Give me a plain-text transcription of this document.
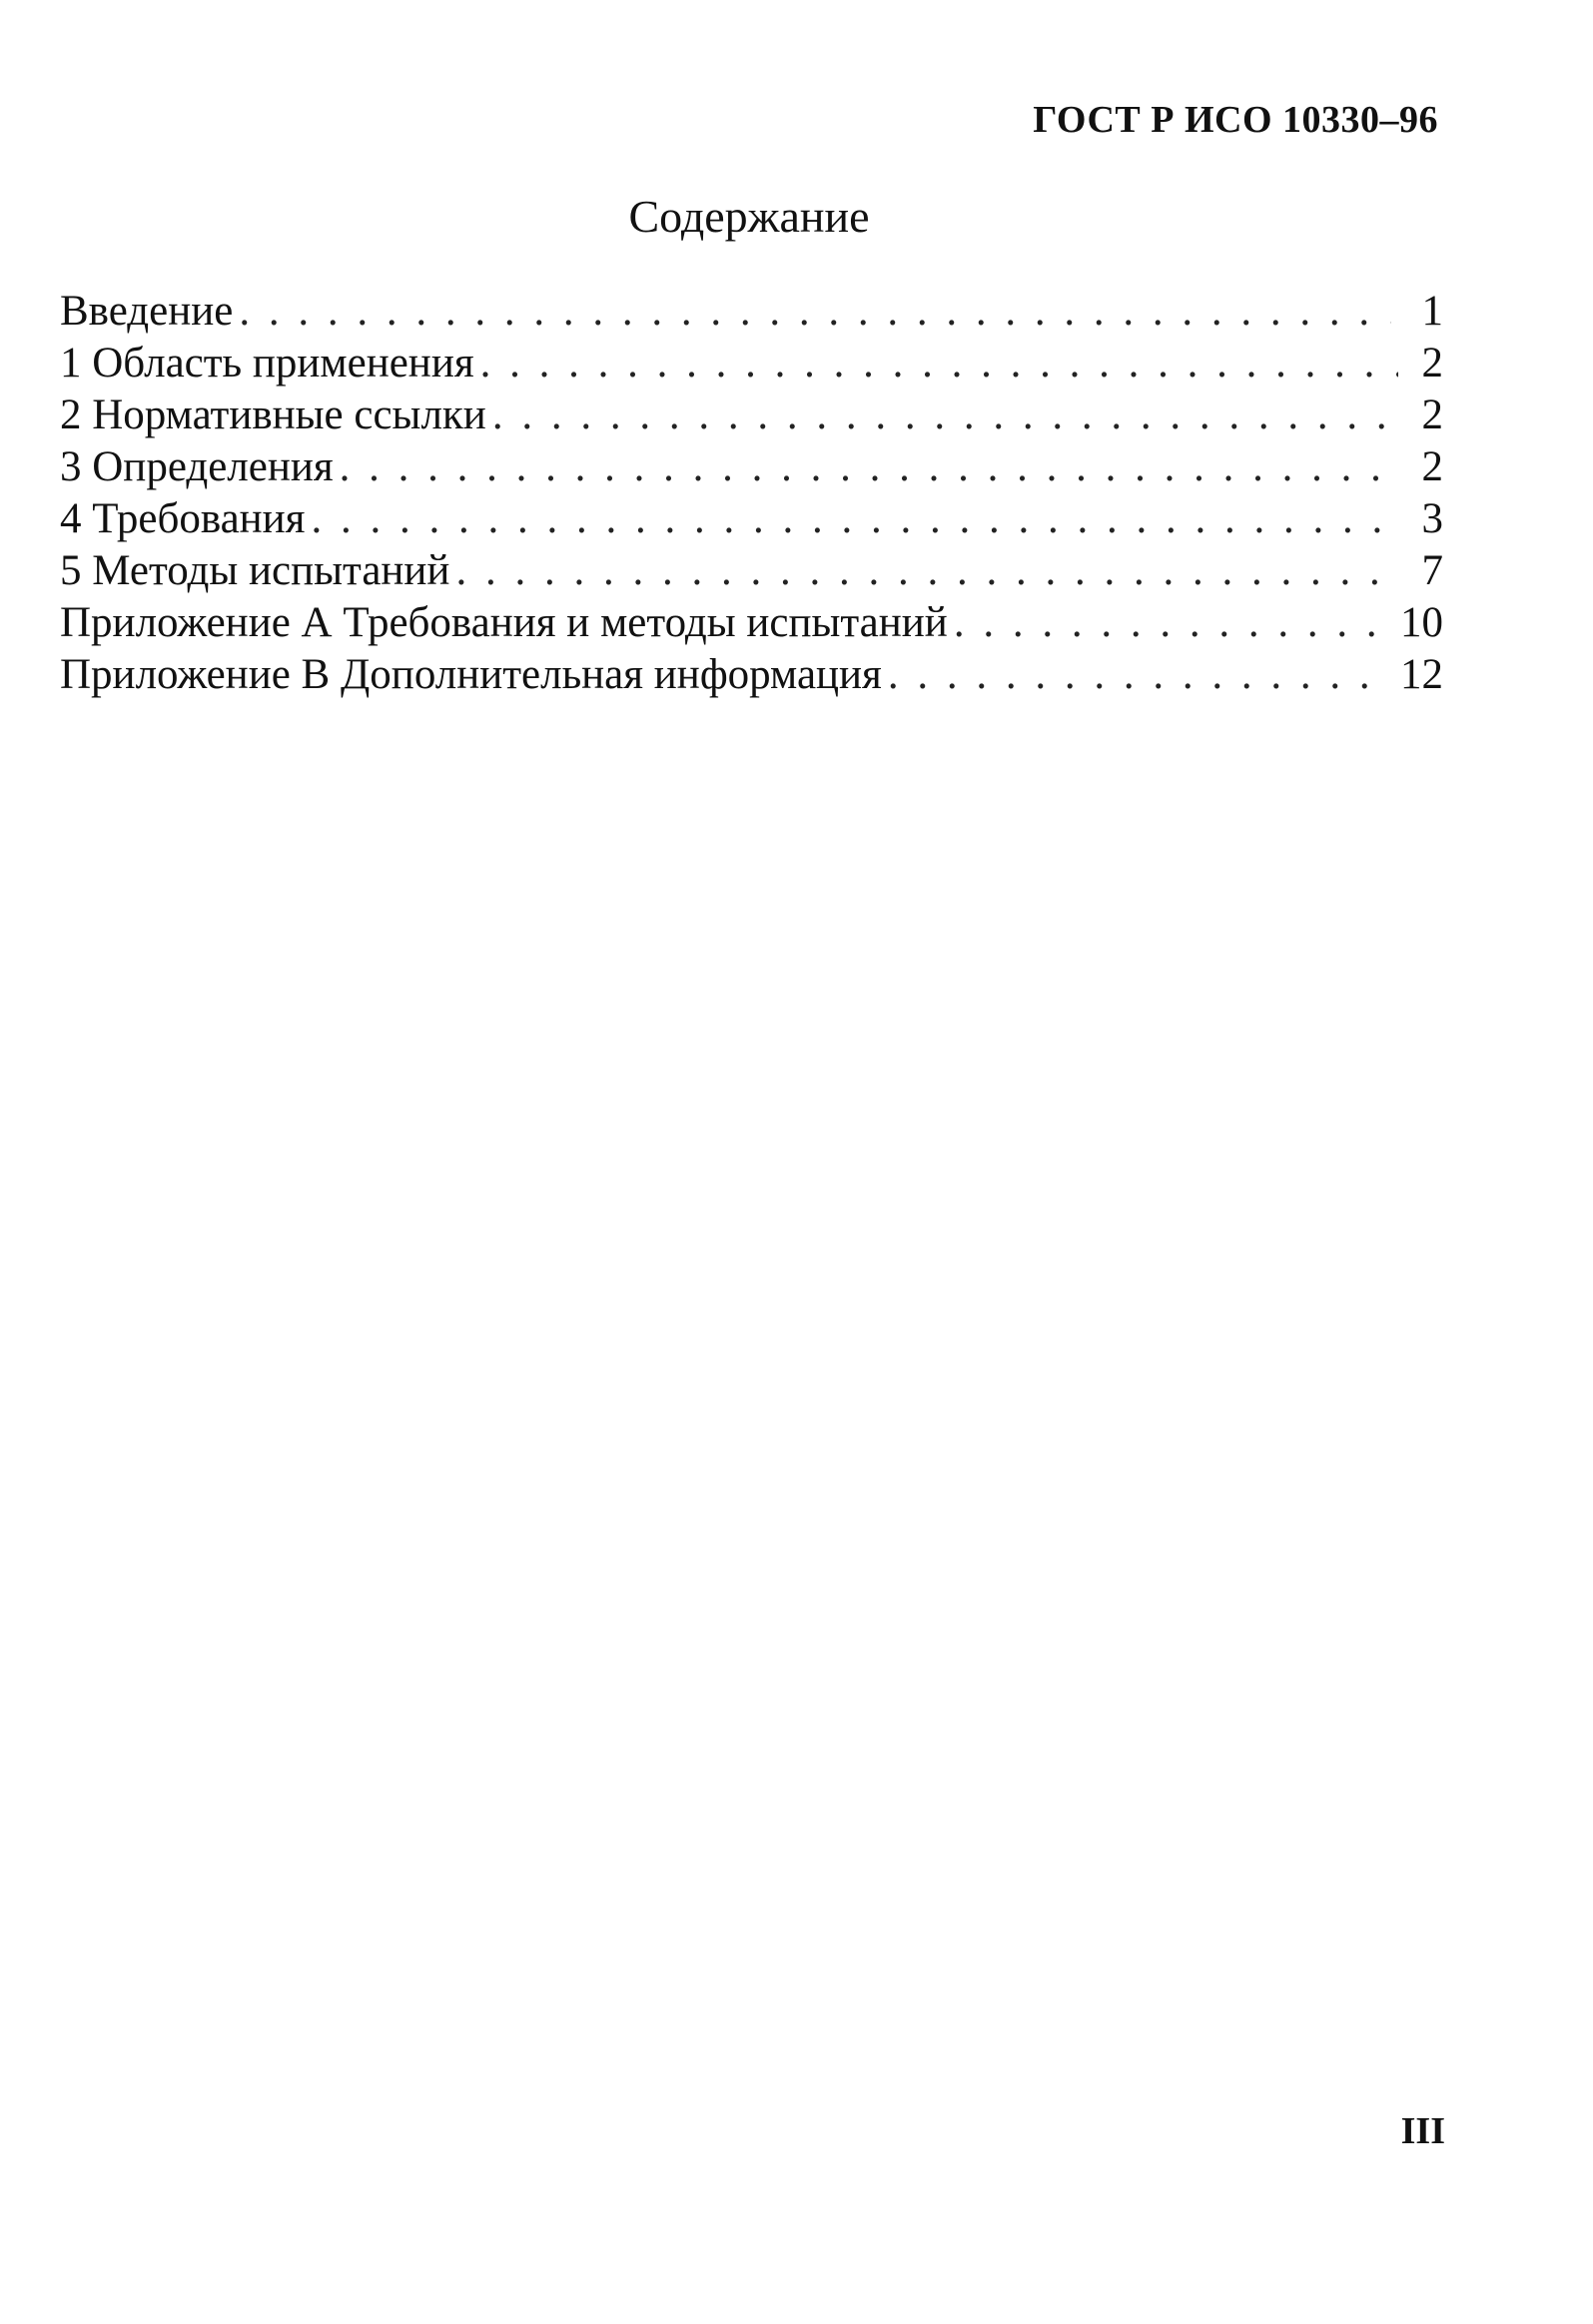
ГОСТ Р ИСО 10330–96
Содержание
Введение . . .	1
1 Область применения . . .	2
2 Нормативные ссылки . . .	2
3 Определения . . .	2
4 Требования . . .	3
5 Методы испытаний . . .	7
Приложение А Требования и методы испытаний . . .	10
Приложение В Дополнительная информация . . .	12
III
